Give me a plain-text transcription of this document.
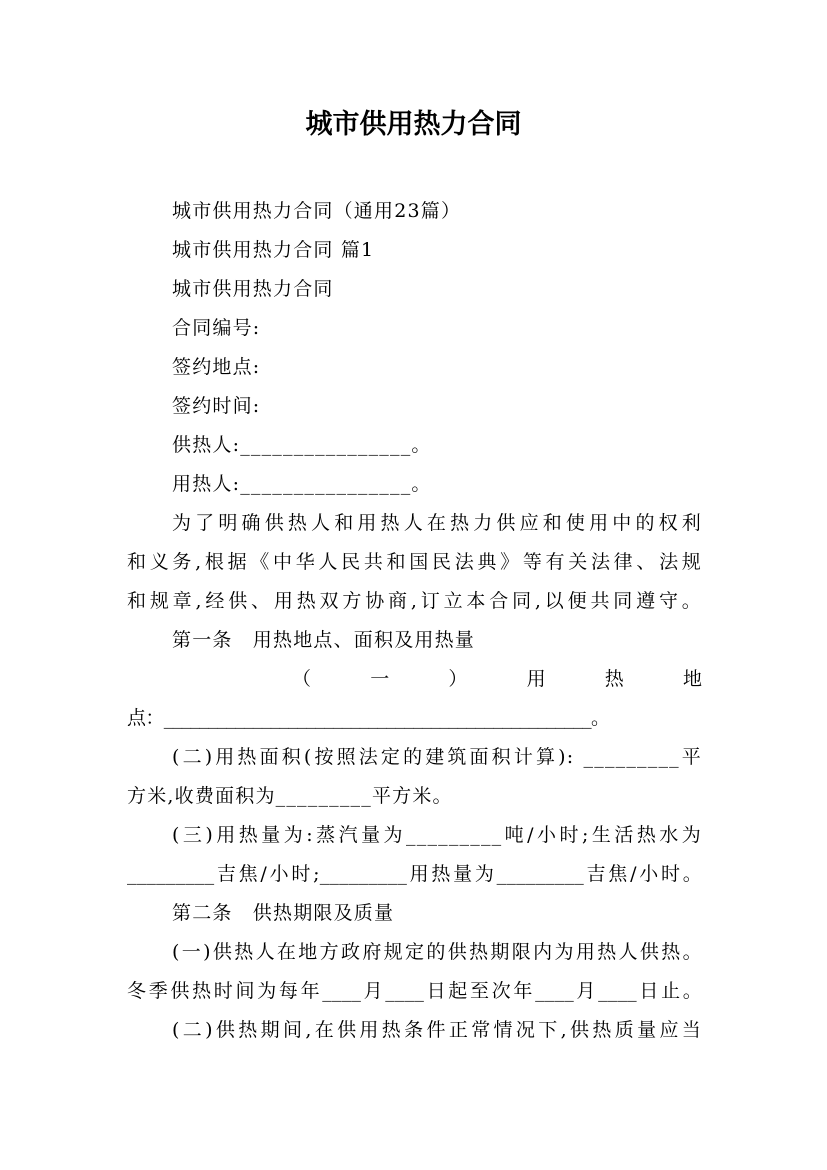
城市供用热力合同
城市供用热力合同（通用23篇）
城市供用热力合同 篇1
城市供用热力合同
合同编号:
签约地点:
签约时间:
供热人:________________。
用热人:________________。
为了明确供热人和用热人在热力供应和使用中的权利
和义务,根据《中华人民共和国民法典》等有关法律、法规
和规章,经供、用热双方协商,订立本合同,以便共同遵守。
第一条　用热地点、面积及用热量
（	一	）	用	热	地
点：________________________________________________。
(二)用热面积(按照法定的建筑面积计算): _________平
方米,收费面积为_________平方米。
(三)用热量为:蒸汽量为_________吨/小时;生活热水为
_________吉焦/小时;_________用热量为_________吉焦/小时。
第二条　供热期限及质量
(一)供热人在地方政府规定的供热期限内为用热人供热。
冬季供热时间为每年____月____日起至次年____月____日止。
(二)供热期间,在供用热条件正常情况下,供热质量应当
